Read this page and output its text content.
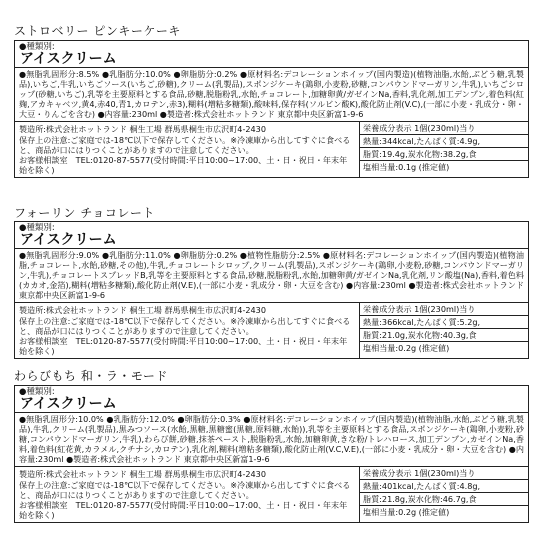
ストロベリー ピンキーケーキ
●種類別:
アイスクリーム
●無脂乳固形分:8.5% ●乳脂肪分:10.0% ●卵脂肪分:0.2% ●原材料名:デコレーションホイップ(国内製造)(植物油脂,水飴,ぶどう糖,乳製品),いちご,牛乳,いちごソース(いちご,砂糖),クリーム(乳製品),スポンジケーキ(鶏卵,小麦粉,砂糖,コンパウンドマーガリン,牛乳),いちごシロップ(砂糖,いちご),乳等を主要原料とする食品,砂糖,脱脂粉乳,水飴,チョコレート,加糖卵黄/ガゼインNa,香料,乳化剤,加工デンプン,着色料(紅麹,アカキャベツ,黄4,赤40,青1,カロテン,赤3),糊料(増粘多糖類),酸味料,保存料(ソルビン酸K),酸化防止剤(V.C),(一部に小麦・乳成分・卵・大豆・りんごを含む) ●内容量:230ml ●製造者:株式会社ホットランド 東京都中央区新富1-9-6
製造所:株式会社ホットランド 桐生工場 群馬県桐生市広沢町4-2430
保存上の注意:ご家庭では-18℃以下で保存してください。※冷凍庫から出してすぐに食べると、商品が口にはりつくことがありますので注意してください。
お客様相談室　TEL:0120-87-5577(受付時間:平日10:00~17:00、土・日・祝日・年末年始を除く)
栄養成分表示 1個(230ml)当り
熱量:344kcal,たんぱく質:4.9g,
脂質:19.4g,炭水化物:38.2g,食
塩相当量:0.1g (推定値)
フォーリン チョコレート
●種類別:
アイスクリーム
●無脂乳固形分:9.0% ●乳脂肪分:11.0% ●卵脂肪分:0.2% ●植物性脂肪分:2.5% ●原材料名:デコレーションホイップ(国内製造)(植物油脂,チョコレート,水飴,砂糖,その他),牛乳,チョコレートシロップ,クリーム(乳製品),スポンジケーキ(鶏卵,小麦粉,砂糖,コンパウンドマーガリン,牛乳),チョコレートスプレッドB,乳等を主要原料とする食品,砂糖,脱脂粉乳,水飴,加糖卵黄/ガゼインNa,乳化剤,リン酸塩(Na),香料,着色料(カカオ,金箔),糊料(増粘多糖類),酸化防止剤(V.E),(一部に小麦・乳成分・卵・大豆を含む) ●内容量:230ml ●製造者:株式会社ホットランド 東京都中央区新富1-9-6
製造所:株式会社ホットランド 桐生工場 群馬県桐生市広沢町4-2430
保存上の注意:ご家庭では-18℃以下で保存してください。※冷凍庫から出してすぐに食べると、商品が口にはりつくことがありますので注意してください。
お客様相談室　TEL:0120-87-5577(受付時間:平日10:00~17:00、土・日・祝日・年末年始を除く)
栄養成分表示 1個(230ml)当り
熱量:366kcal,たんぱく質:5.2g,
脂質:21.0g,炭水化物:40.3g,食
塩相当量:0.2g (推定値)
わらびもち 和・ラ・モード
●種類別:
アイスクリーム
●無脂乳固形分:10.0% ●乳脂肪分:12.0% ●卵脂肪分:0.3% ●原材料名:デコレーションホイップ(国内製造)(植物油脂,水飴,ぶどう糖,乳製品),牛乳,クリーム(乳製品),黒みつソース(水飴,黒糖,黒糖蜜(黒糖,原料糖,水飴)),乳等を主要原料とする食品,スポンジケーキ(鶏卵,小麦粉,砂糖,コンパウンドマーガリン,牛乳),わらび餅,砂糖,抹茶ペースト,脱脂粉乳,水飴,加糖卵黄,きな粉/トレハロース,加工デンプン,カゼインNa,香料,着色料(紅花黄,カラメル,クチナシ,カロテン),乳化剤,糊料(増粘多糖類),酸化防止剤(V.C,V.E),(一部に小麦・乳成分・卵・大豆を含む) ●内容量:230ml ●製造者:株式会社ホットランド 東京都中央区新富1-9-6
製造所:株式会社ホットランド 桐生工場 群馬県桐生市広沢町4-2430
保存上の注意:ご家庭では-18℃以下で保存してください。※冷凍庫から出してすぐに食べると、商品が口にはりつくことがありますので注意してください。
お客様相談室　TEL:0120-87-5577(受付時間:平日10:00~17:00、土・日・祝日・年末年始を除く)
栄養成分表示 1個(230ml)当り
熱量:401kcal,たんぱく質:4.8g,
脂質:21.8g,炭水化物:46.7g,食
塩相当量:0.2g (推定値)
